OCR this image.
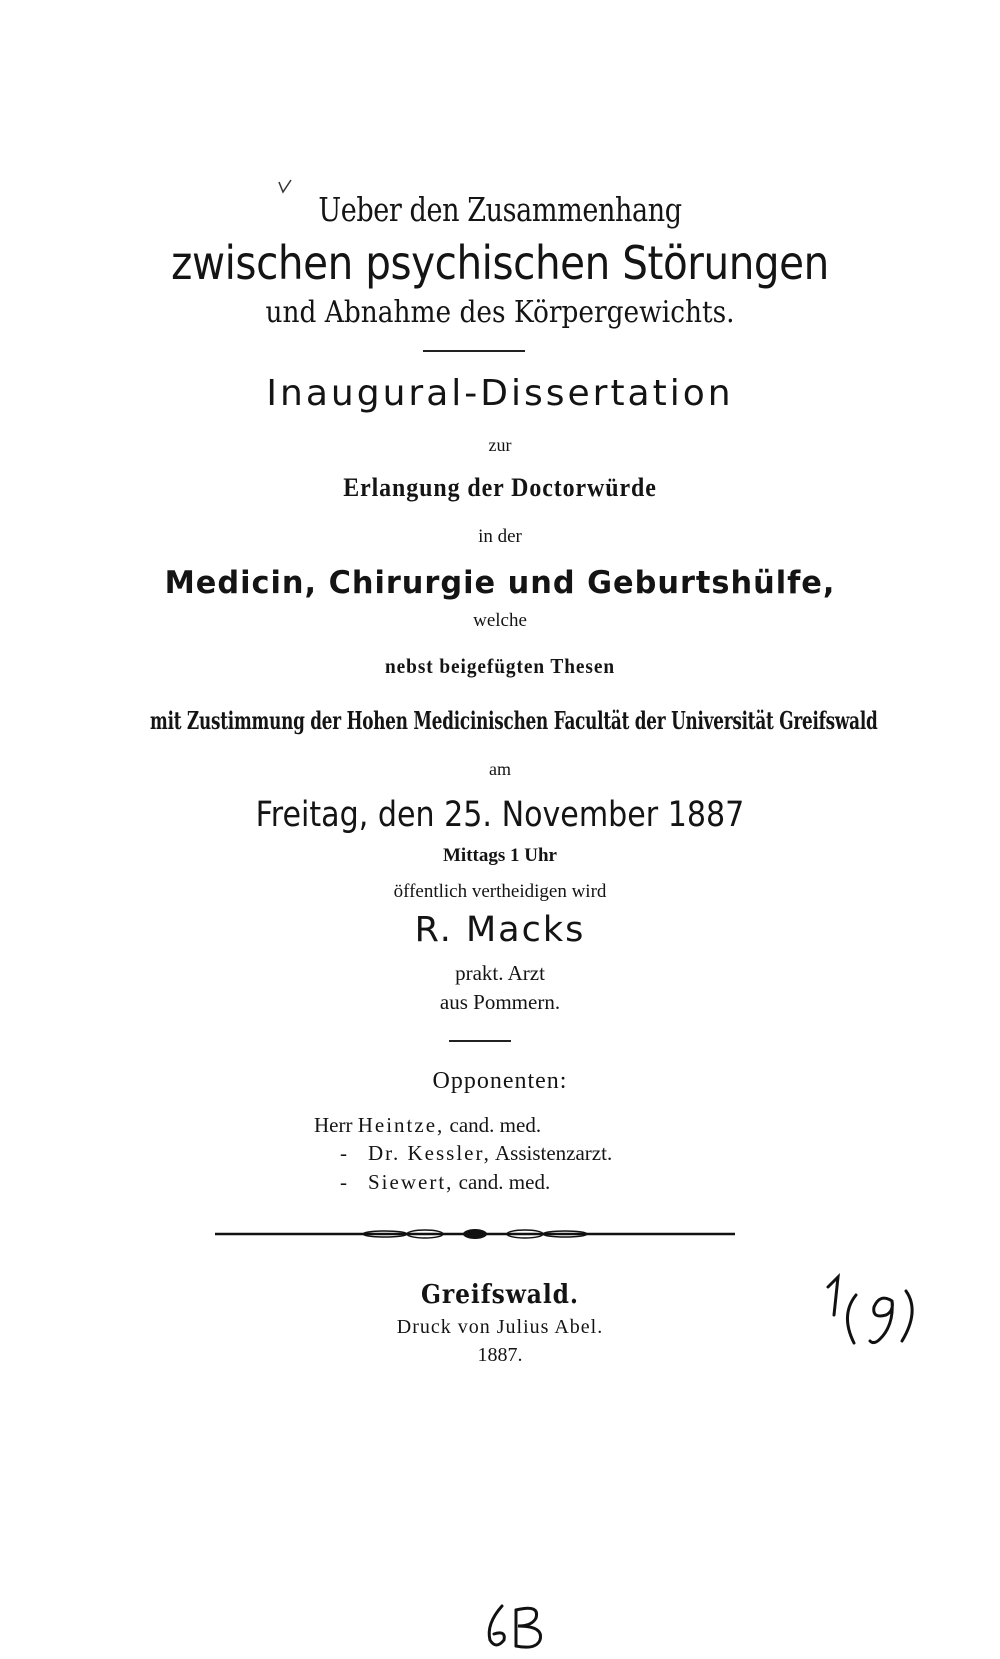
Ueber den Zusammenhang
zwischen psychischen Störungen
und Abnahme des Körpergewichts.
Inaugural-Dissertation
zur
Erlangung der Doctorwürde
in der
Medicin, Chirurgie und Geburtshülfe,
welche
nebst beigefügten Thesen
mit Zustimmung der Hohen Medicinischen Facultät der Universität Greifswald
am
Freitag, den 25. November 1887
Mittags 1 Uhr
öffentlich vertheidigen wird
R. Macks
prakt. Arzt
aus Pommern.
Opponenten:
Herr Heintze, cand. med.
- Dr. Kessler, Assistenzarzt.
- Siewert, cand. med.
Greifswald.
Druck von Julius Abel.
1887.
